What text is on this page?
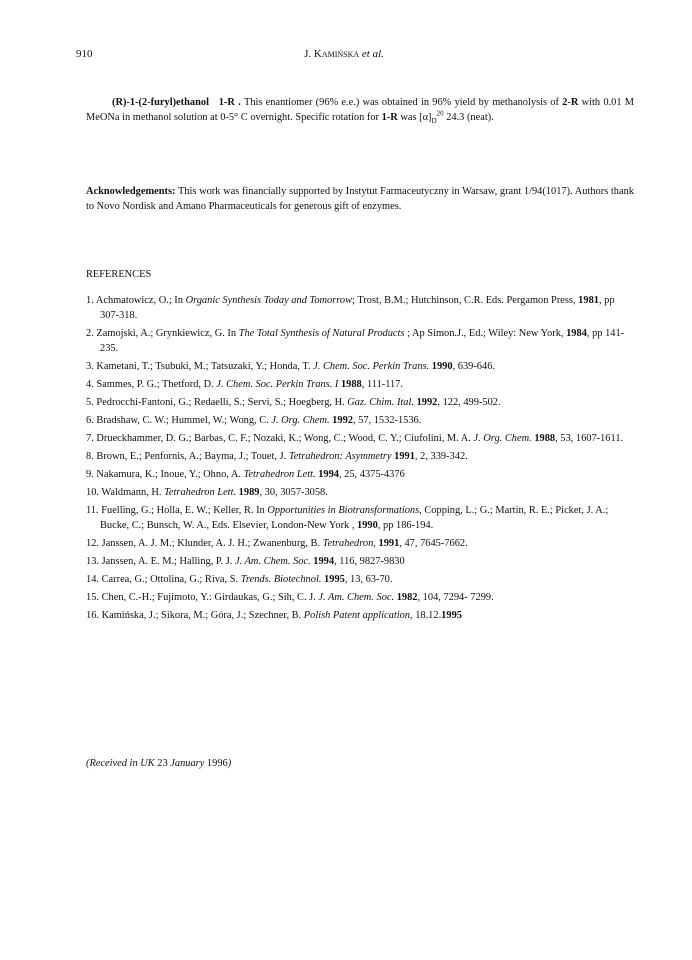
910	J. Kamińska et al.
(R)-1-(2-furyl)ethanol 1-R . This enantiomer (96% e.e.) was obtained in 96% yield by methanolysis of 2-R with 0.01 M MeONa in methanol solution at 0-5° C overnight. Specific rotation for 1-R was $[\alpha]_D^{20}$ 24.3 (neat).
Acknowledgements: This work was financially supported by Instytut Farmaceutyczny in Warsaw, grant 1/94(1017). Authors thank to Novo Nordisk and Amano Pharmaceuticals for generous gift of enzymes.
REFERENCES
1. Achmatowicz, O.; In Organic Synthesis Today and Tomorrow; Trost, B.M.; Hutchinson, C.R. Eds. Pergamon Press, 1981, pp 307-318.
2. Zamojski, A.; Grynkiewicz, G. In The Total Synthesis of Natural Products ; Ap Simon.J., Ed.; Wiley: New York, 1984, pp 141-235.
3. Kametani, T.; Tsubuki, M.; Tatsuzaki, Y.; Honda, T. J. Chem. Soc. Perkin Trans. 1990, 639-646.
4. Sammes, P. G.; Thetford, D. J. Chem. Soc. Perkin Trans. I 1988, 111-117.
5. Pedrocchi-Fantoni, G.; Redaelli, S.; Servi, S.; Hoegberg, H. Gaz. Chim. Ital. 1992, 122, 499-502.
6. Bradshaw, C. W.; Hummel, W.; Wong, C. J. Org. Chem. 1992, 57, 1532-1536.
7. Drueckhammer, D. G.; Barbas, C. F.; Nozaki, K.; Wong, C.; Wood, C. Y.; Ciufolini, M. A. J. Org. Chem. 1988, 53, 1607-1611.
8. Brown, E.; Penfornis, A.; Bayma, J.; Touet, J. Tetrahedron: Asymmetry 1991, 2, 339-342.
9. Nakamura, K.; Inoue, Y.; Ohno, A. Tetrahedron Lett. 1994, 25, 4375-4376
10. Waldmann, H. Tetrahedron Lett. 1989, 30, 3057-3058.
11. Fuelling, G.; Holla, E. W.; Keller, R. In Opportunities in Biotransformations, Copping, L.; G.; Martin, R. E.; Picket, J. A.; Bucke, C.; Bunsch, W. A., Eds. Elsevier, London-New York , 1990, pp 186-194.
12. Janssen, A. J. M.; Klunder, A. J. H.; Zwanenburg, B. Tetrahedron, 1991, 47, 7645-7662.
13. Janssen, A. E. M.; Halling, P. J. J. Am. Chem. Soc. 1994, 116, 9827-9830
14. Carrea, G.; Ottolina, G.; Riva, S. Trends. Biotechnol. 1995, 13, 63-70.
15. Chen, C.-H.; Fujimoto, Y.: Girdaukas, G.; Sih, C. J. J. Am. Chem. Soc. 1982, 104, 7294- 7299.
16. Kamińska, J.; Sikora, M.; Góra, J.; Szechner, B. Polish Patent application, 18.12.1995
(Received in UK 23 January 1996)
